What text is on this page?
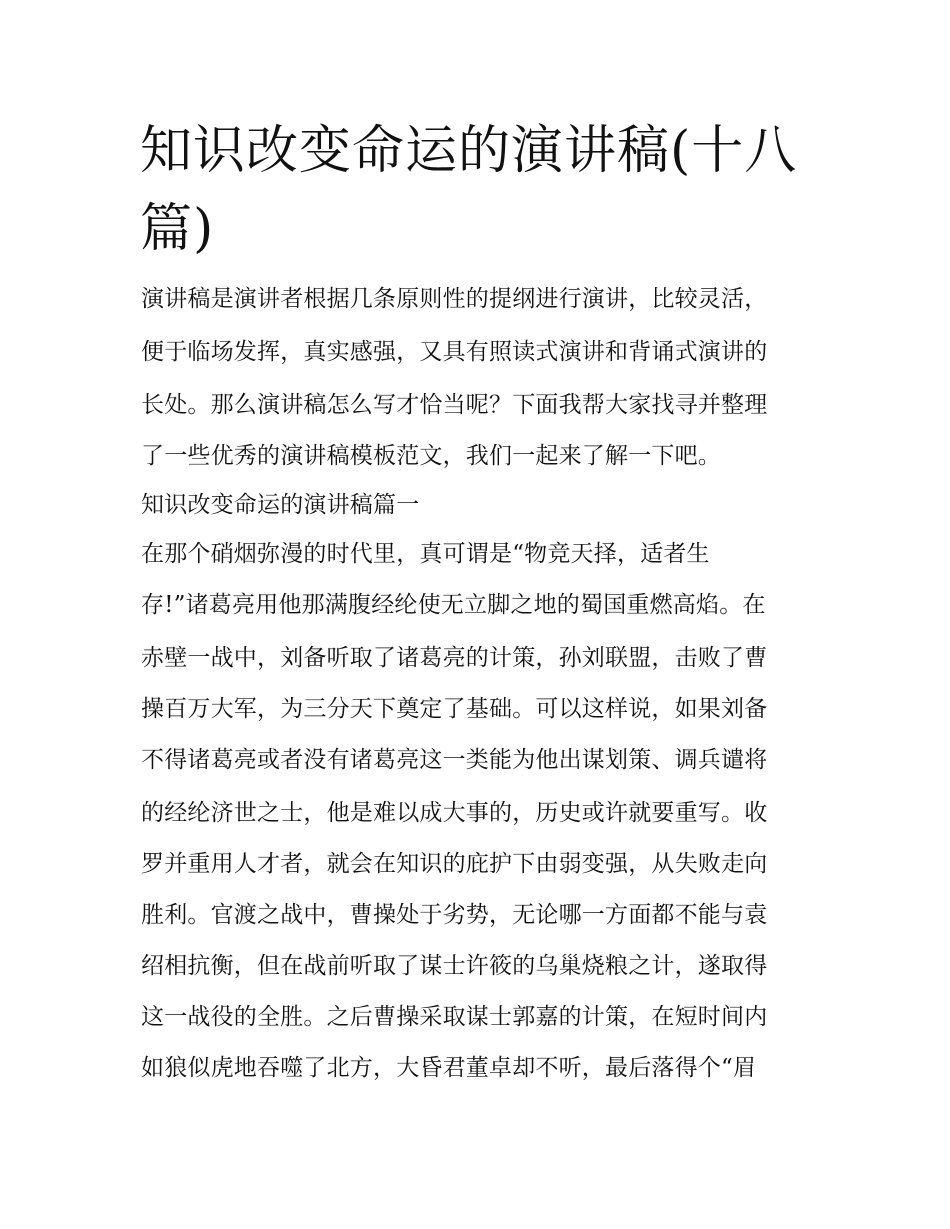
知识改变命运的演讲稿(十八
篇)

演讲稿是演讲者根据几条原则性的提纲进行演讲，比较灵活，

便于临场发挥，真实感强，又具有照读式演讲和背诵式演讲的

长处。那么演讲稿怎么写才恰当呢？下面我帮大家找寻并整理

了一些优秀的演讲稿模板范文，我们一起来了解一下吧。

知识改变命运的演讲稿篇一

在那个硝烟弥漫的时代里，真可谓是“物竞天择，适者生

存!”诸葛亮用他那满腹经纶使无立脚之地的蜀国重燃高焰。在

赤壁一战中，刘备听取了诸葛亮的计策，孙刘联盟，击败了曹

操百万大军，为三分天下奠定了基础。可以这样说，如果刘备

不得诸葛亮或者没有诸葛亮这一类能为他出谋划策、调兵谴将

的经纶济世之士，他是难以成大事的，历史或许就要重写。收

罗并重用人才者，就会在知识的庇护下由弱变强，从失败走向

胜利。官渡之战中，曹操处于劣势，无论哪一方面都不能与袁

绍相抗衡，但在战前听取了谋士许筱的乌巢烧粮之计，遂取得

这一战役的全胜。之后曹操采取谋士郭嘉的计策，在短时间内

如狼似虎地吞噬了北方，大昏君董卓却不听，最后落得个“眉
